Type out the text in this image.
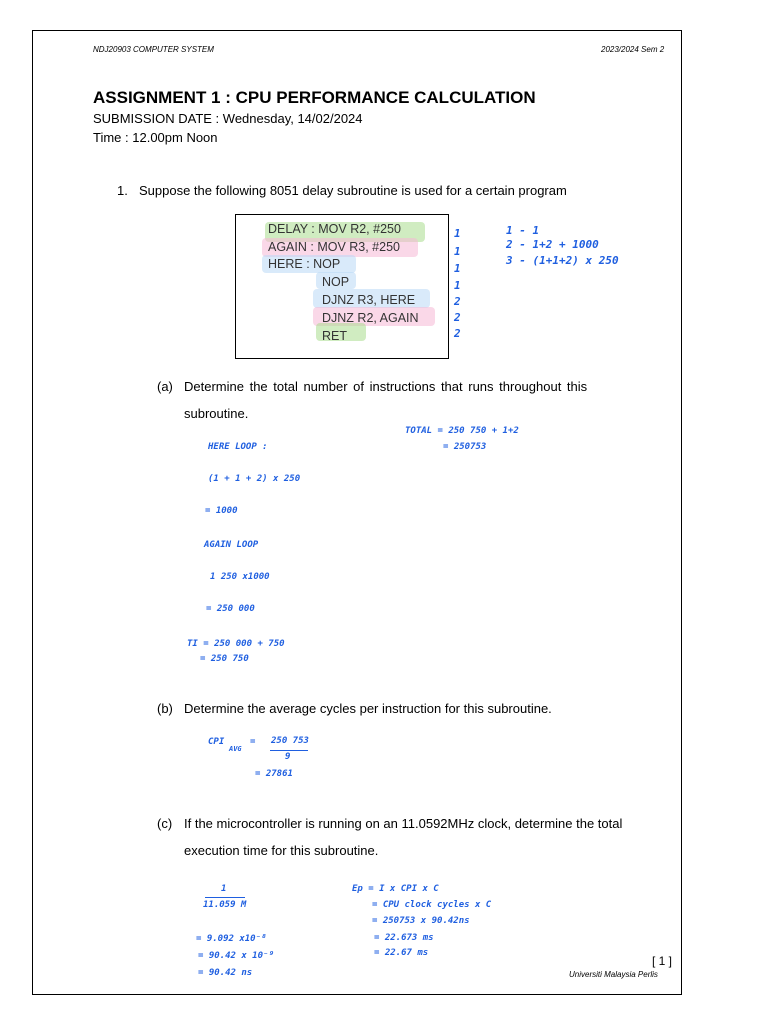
NDJ20903 COMPUTER SYSTEM	2023/2024 Sem 2
ASSIGNMENT 1 : CPU PERFORMANCE CALCULATION
SUBMISSION DATE : Wednesday, 14/02/2024
Time : 12.00pm Noon
1. Suppose the following 8051 delay subroutine is used for a certain program
DELAY : MOV R2, #250
AGAIN : MOV R3, #250
HERE : NOP
NOP
DJNZ R3, HERE
DJNZ R2, AGAIN
RET
1
1
1
1
2
2
2
1 - 1
2 - 1+2 + 1000
3 - (1+1+2) x 250
(a) Determine the total number of instructions that runs throughout this
subroutine.
TOTAL = 250 750 + 1+2
= 250753
HERE LOOP :
(1 + 1 + 2) x 250
= 1000
AGAIN LOOP
1 250 x1000
= 250 000
TI = 250 000 + 750
= 250 750
(b) Determine the average cycles per instruction for this subroutine.
CPI
AVG
= 250 753
9
= 27861
(c) If the microcontroller is running on an 11.0592MHz clock, determine the total
execution time for this subroutine.
1
11.059 M
= 9.092 x10⁻⁸
= 90.42 x 10⁻⁹
= 90.42 ns
Ep = I x CPI x C
= CPU clock cycles x C
= 250753 x 90.42ns
= 22.673 ms
= 22.67 ms
[ 1 ]
Universiti Malaysia Perlis
